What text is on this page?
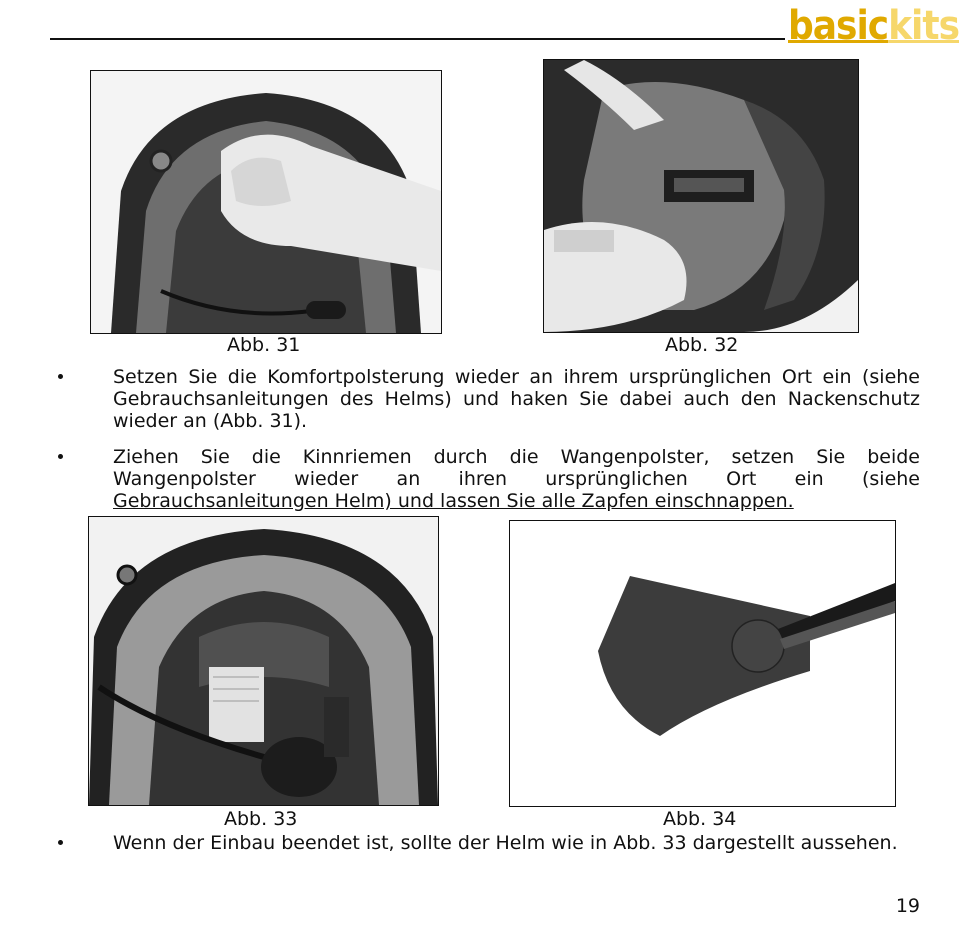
basic kits
Abb. 31	Abb. 32
Setzen Sie die Komfortpolsterung wieder an ihrem ursprünglichen Ort ein (siehe Gebrauchsanleitungen des Helms) und haken Sie dabei auch den Nackenschutz wieder an (Abb. 31).
Ziehen Sie die Kinnriemen durch die Wangenpolster, setzen Sie beide Wangenpolster wieder an ihren ursprünglichen Ort ein (siehe
Gebrauchsanleitungen Helm) und lassen Sie alle Zapfen einschnappen.
Abb. 33	Abb. 34
Wenn der Einbau beendet ist, sollte der Helm wie in Abb. 33 dargestellt aussehen.
19
